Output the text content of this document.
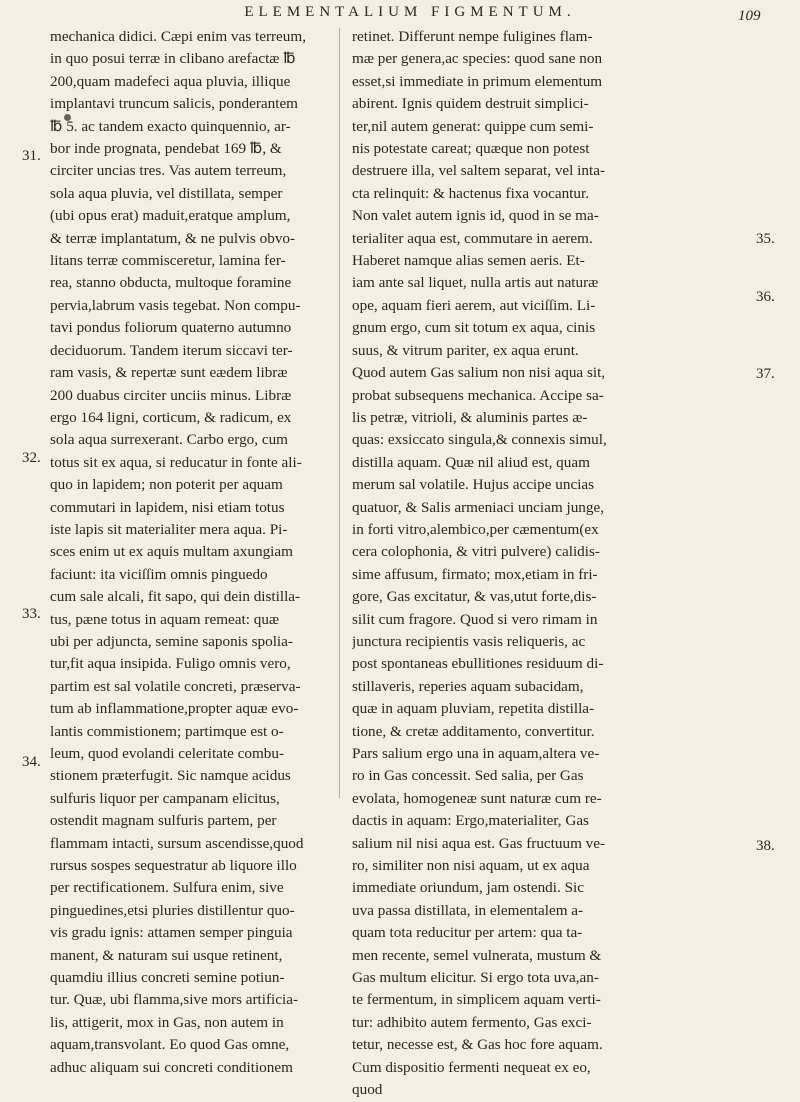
ELEMENTALIUM FIGMENTUM.	109
31.
32.
33.
34.
35.
36.
37.
38.
mechanica didici. Cæpi enim vas terreum,
in quo posui terræ in clibano arefactæ ℔
200,quam madefeci aqua pluvia, illique
implantavi truncum salicis, ponderantem
℔ 5. ac tandem exacto quinquennio, ar-
bor inde prognata, pendebat 169 ℔, &
circiter uncias tres. Vas autem terreum,
sola aqua pluvia, vel distillata, semper
(ubi opus erat) maduit,eratque amplum,
& terræ implantatum, & ne pulvis obvo-
litans terræ commisceretur, lamina fer-
rea, stanno obducta, multoque foramine
pervia,labrum vasis tegebat. Non compu-
tavi pondus foliorum quaterno autumno
deciduorum. Tandem iterum siccavi ter-
ram vasis, & repertæ sunt eædem libræ
200 duabus circiter unciis minus. Libræ
ergo 164 ligni, corticum, & radicum, ex
sola aqua surrexerant. Carbo ergo, cum
totus sit ex aqua, si reducatur in fonte ali-
quo in lapidem; non poterit per aquam
commutari in lapidem, nisi etiam totus
iste lapis sit materialiter mera aqua. Pi-
sces enim ut ex aquis multam axungiam
faciunt: ita viciſſim omnis pinguedo
cum sale alcali, fit sapo, qui dein distilla-
tus, pæne totus in aquam remeat: quæ
ubi per adjuncta, semine saponis spolia-
tur,fit aqua insipida. Fuligo omnis vero,
partim est sal volatile concreti, præserva-
tum ab inflammatione,propter aquæ evo-
lantis commistionem; partimque est o-
leum, quod evolandi celeritate combu-
stionem præterfugit. Sic namque acidus
sulfuris liquor per campanam elicitus,
ostendit magnam sulfuris partem, per
flammam intacti, sursum ascendisse,quod
rursus sospes sequestratur ab liquore illo
per rectificationem. Sulfura enim, sive
pinguedines,etsi pluries distillentur quo-
vis gradu ignis: attamen semper pinguia
manent, & naturam sui usque retinent,
quamdiu illius concreti semine potiun-
tur. Quæ, ubi flamma,sive mors artificia-
lis, attigerit, mox in Gas, non autem in
aquam,transvolant. Eo quod Gas omne,
adhuc aliquam sui concreti conditionem
retinet. Differunt nempe fuligines flam-
mæ per genera,ac species: quod sane non
esset,si immediate in primum elementum
abirent. Ignis quidem destruit simplici-
ter,nil autem generat: quippe cum semi-
nis potestate careat; quæque non potest
destruere illa, vel saltem separat, vel inta-
cta relinquit: & hactenus fixa vocantur.
Non valet autem ignis id, quod in se ma-
terialiter aqua est, commutare in aerem.
Haberet namque alias semen aeris. Et-
iam ante sal liquet, nulla artis aut naturæ
ope, aquam fieri aerem, aut viciſſim. Li-
gnum ergo, cum sit totum ex aqua, cinis
suus, & vitrum pariter, ex aqua erunt.
Quod autem Gas salium non nisi aqua sit,
probat subsequens mechanica. Accipe sa-
lis petræ, vitrioli, & aluminis partes æ-
quas: exsiccato singula,& connexis simul,
distilla aquam. Quæ nil aliud est, quam
merum sal volatile. Hujus accipe uncias
quatuor, & Salis armeniaci unciam junge,
in forti vitro,alembico,per cæmentum(ex
cera colophonia, & vitri pulvere) calidis-
sime affusum, firmato; mox,etiam in fri-
gore, Gas excitatur, & vas,utut forte,dis-
silit cum fragore. Quod si vero rimam in
junctura recipientis vasis reliqueris, ac
post spontaneas ebullitiones residuum di-
stillaveris, reperies aquam subacidam,
quæ in aquam pluviam, repetita distilla-
tione, & cretæ additamento, convertitur.
Pars salium ergo una in aquam,altera ve-
ro in Gas concessit. Sed salia, per Gas
evolata, homogeneæ sunt naturæ cum re-
dactis in aquam: Ergo,materialiter, Gas
salium nil nisi aqua est. Gas fructuum ve-
ro, similiter non nisi aquam, ut ex aqua
immediate oriundum, jam ostendi. Sic
uva passa distillata, in elementalem a-
quam tota reducitur per artem: qua ta-
men recente, semel vulnerata, mustum &
Gas multum elicitur. Si ergo tota uva,an-
te fermentum, in simplicem aquam verti-
tur: adhibito autem fermento, Gas exci-
tetur, necesse est, & Gas hoc fore aquam.
Cum dispositio fermenti nequeat ex eo,
quod
